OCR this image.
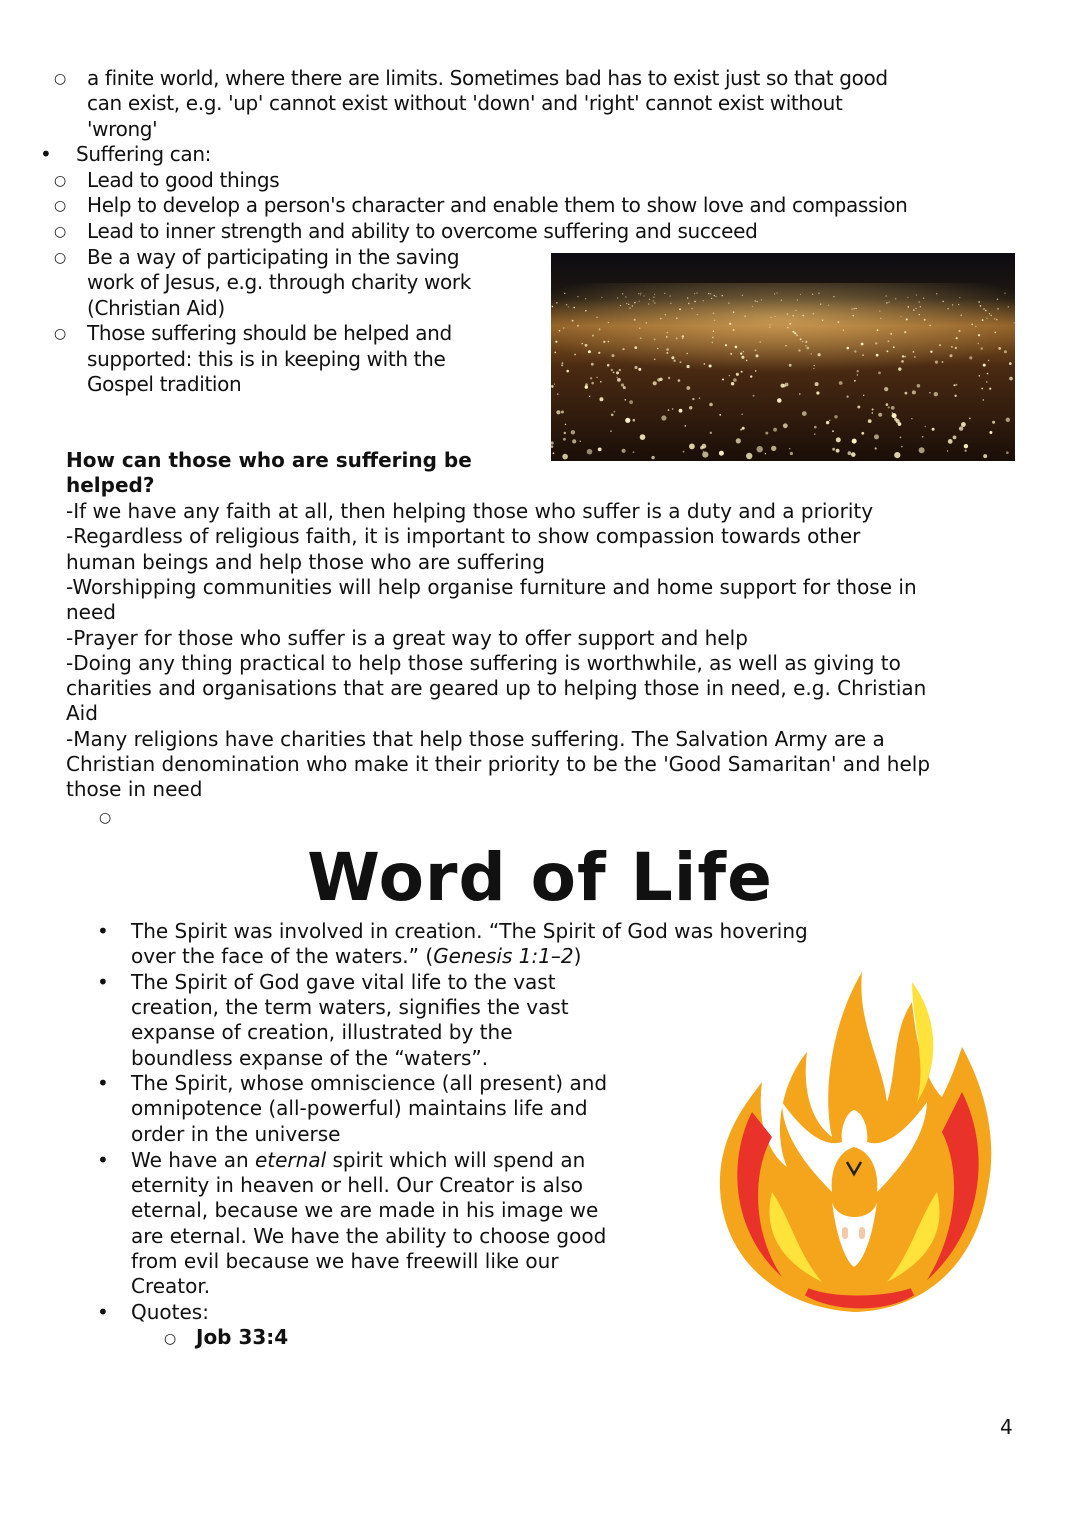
○ a finite world, where there are limits. Sometimes bad has to exist just so that good
can exist, e.g. 'up' cannot exist without 'down' and 'right' cannot exist without
'wrong'
• Suffering can:
○ Lead to good things
○ Help to develop a person's character and enable them to show love and compassion
○ Lead to inner strength and ability to overcome suffering and succeed
○ Be a way of participating in the saving
work of Jesus, e.g. through charity work
(Christian Aid)
○ Those suffering should be helped and
supported: this is in keeping with the
Gospel tradition
How can those who are suffering be
helped?
-If we have any faith at all, then helping those who suffer is a duty and a priority
-Regardless of religious faith, it is important to show compassion towards other
human beings and help those who are suffering
-Worshipping communities will help organise furniture and home support for those in
need
-Prayer for those who suffer is a great way to offer support and help
-Doing any thing practical to help those suffering is worthwhile, as well as giving to
charities and organisations that are geared up to helping those in need, e.g. Christian
Aid
-Many religions have charities that help those suffering. The Salvation Army are a
Christian denomination who make it their priority to be the 'Good Samaritan' and help
those in need
○
Word of Life
• The Spirit was involved in creation. “The Spirit of God was hovering
over the face of the waters.” (Genesis 1:1–2)
• The Spirit of God gave vital life to the vast
creation, the term waters, signifies the vast
expanse of creation, illustrated by the
boundless expanse of the “waters”.
• The Spirit, whose omniscience (all present) and
omnipotence (all-powerful) maintains life and
order in the universe
• We have an eternal spirit which will spend an
eternity in heaven or hell. Our Creator is also
eternal, because we are made in his image we
are eternal. We have the ability to choose good
from evil because we have freewill like our
Creator.
• Quotes:
○ Job 33:4
4
